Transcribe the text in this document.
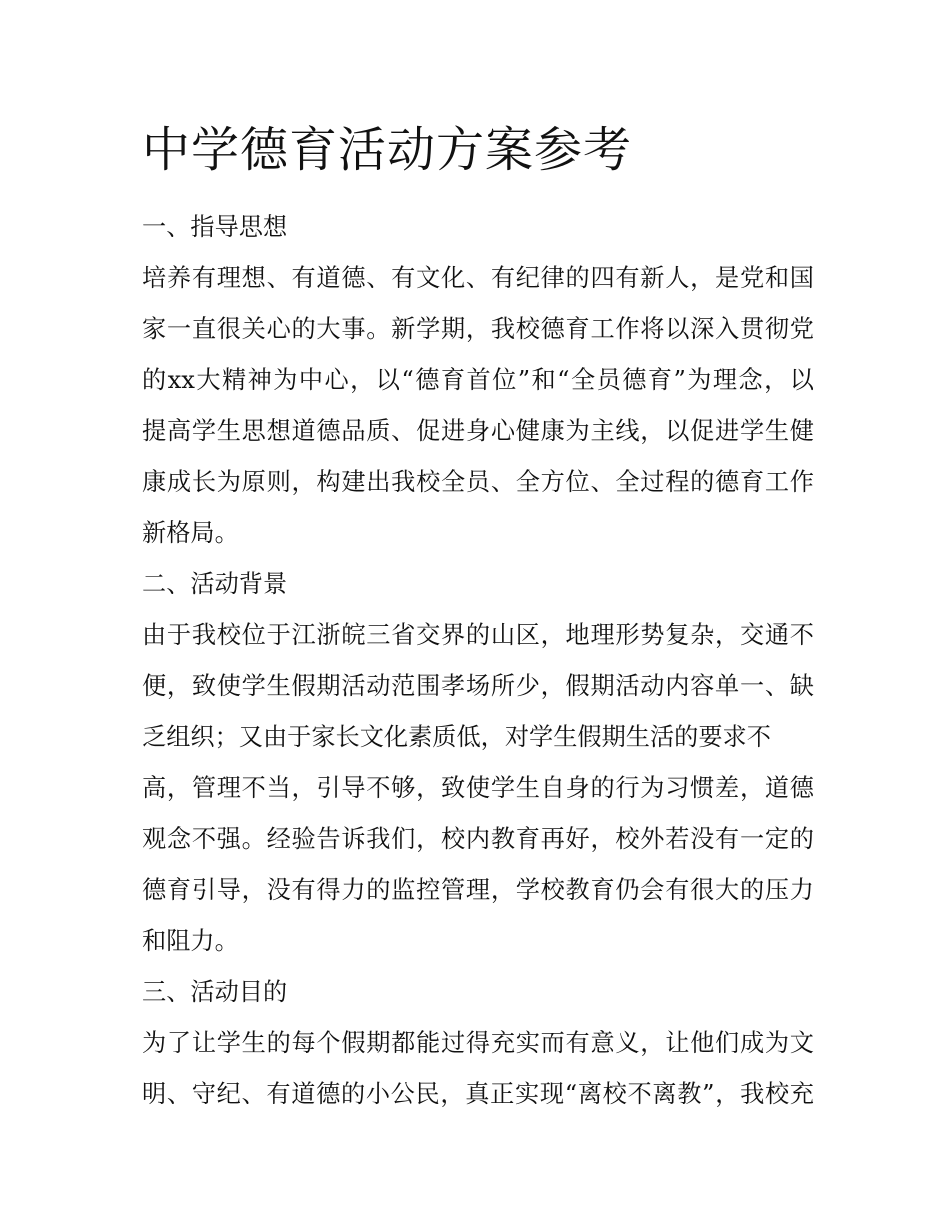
中学德育活动方案参考

一、指导思想

培养有理想、有道德、有文化、有纪律的四有新人，是党和国
家一直很关心的大事。新学期，我校德育工作将以深入贯彻党
的xx大精神为中心，以“德育首位”和“全员德育”为理念，以
提高学生思想道德品质、促进身心健康为主线，以促进学生健
康成长为原则，构建出我校全员、全方位、全过程的德育工作
新格局。

二、活动背景

由于我校位于江浙皖三省交界的山区，地理形势复杂，交通不
便，致使学生假期活动范围孝场所少，假期活动内容单一、缺
乏组织；又由于家长文化素质低，对学生假期生活的要求不
高，管理不当，引导不够，致使学生自身的行为习惯差，道德
观念不强。经验告诉我们，校内教育再好，校外若没有一定的
德育引导，没有得力的监控管理，学校教育仍会有很大的压力
和阻力。

三、活动目的

为了让学生的每个假期都能过得充实而有意义，让他们成为文
明、守纪、有道德的小公民，真正实现“离校不离教”，我校充
